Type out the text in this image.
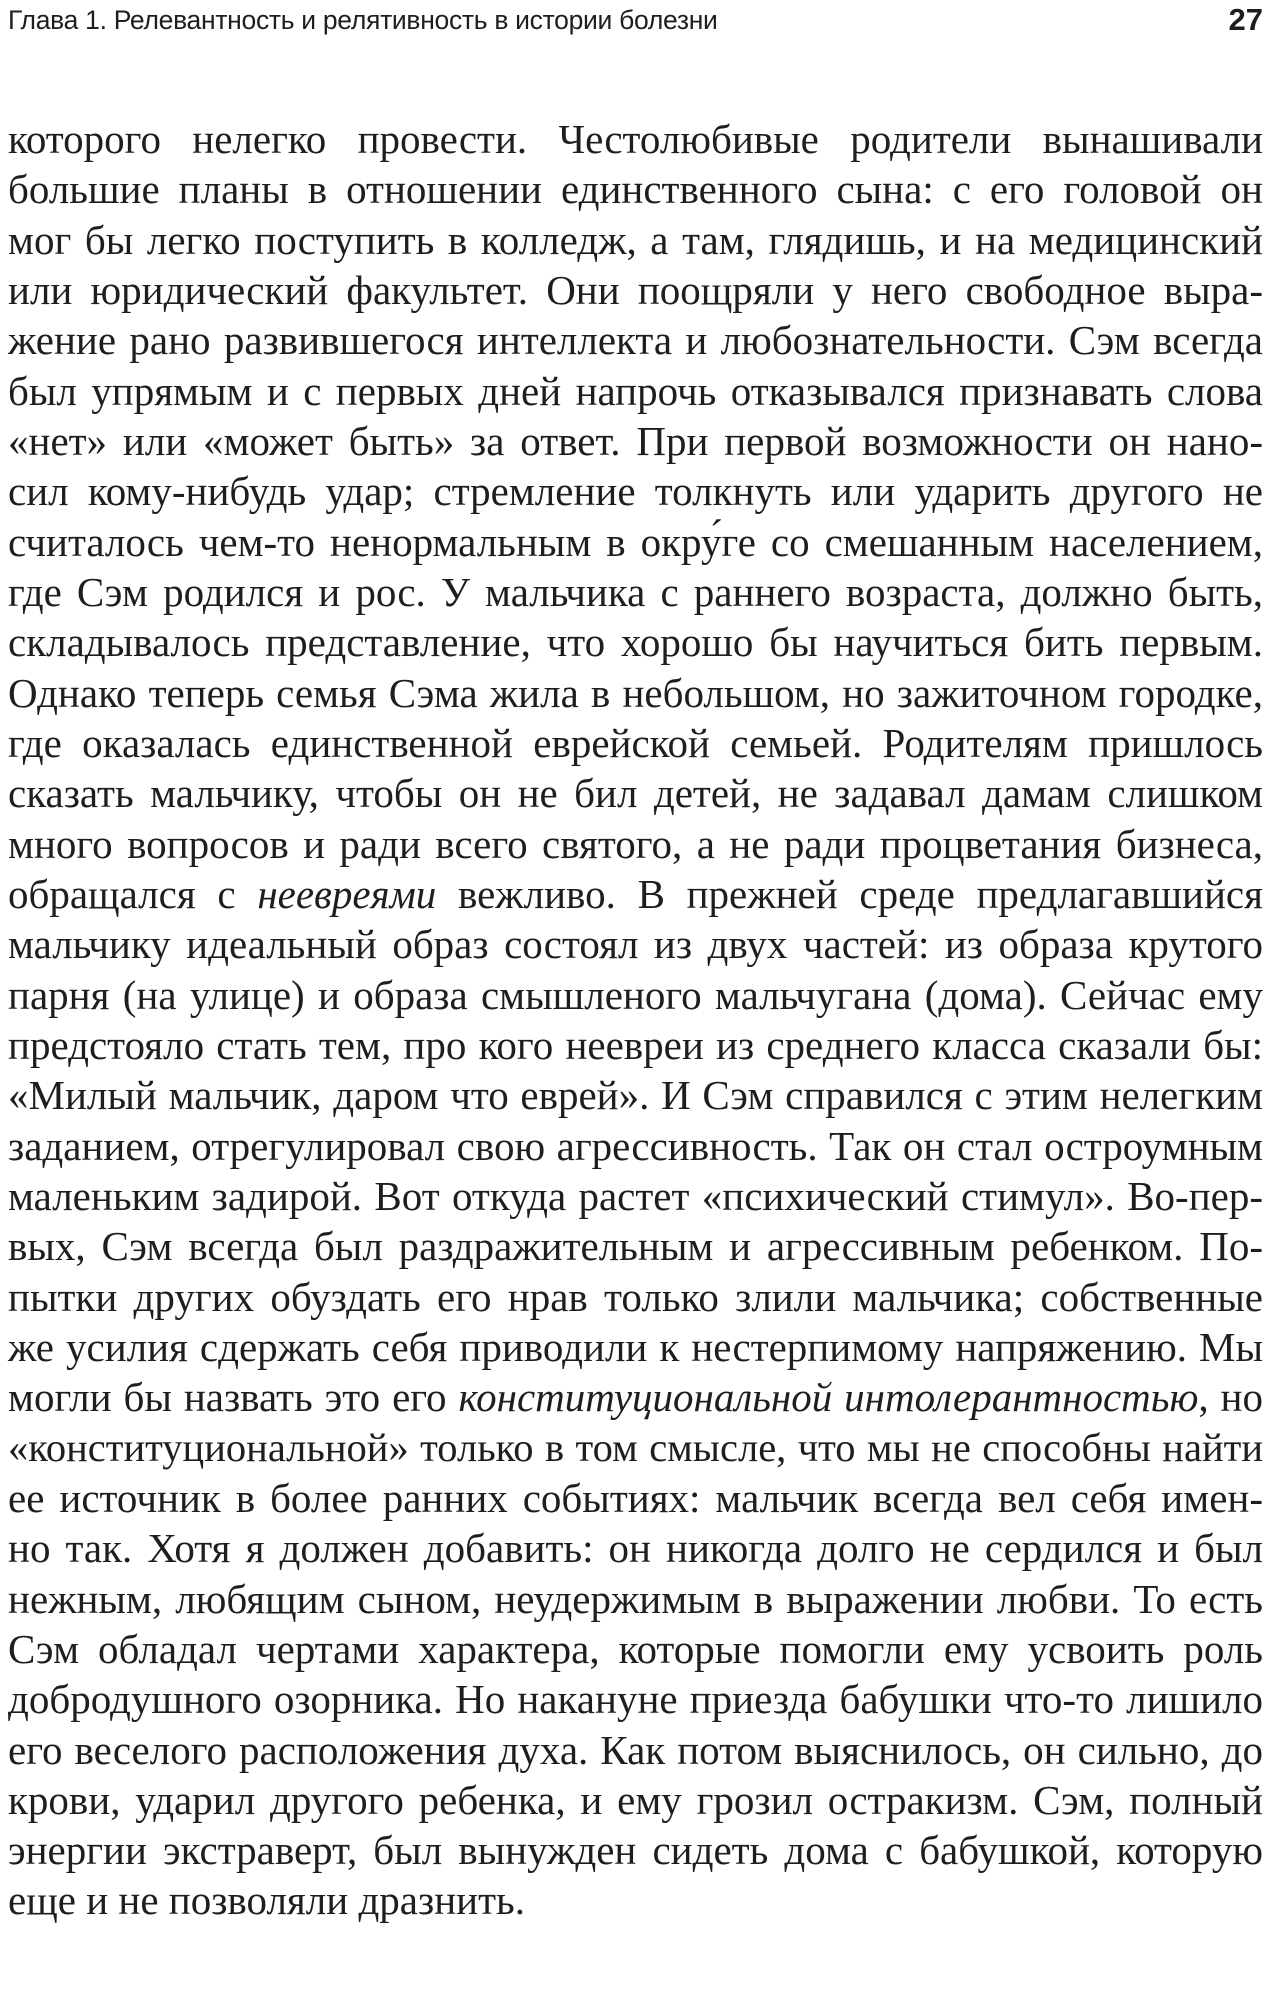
Глава 1. Релевантность и релятивность в истории болезни	27
которого нелегко провести. Честолюбивые родители вынашивали
большие планы в отношении единственного сына: с его головой он
мог бы легко поступить в колледж, а там, глядишь, и на медицинский
или юридический факультет. Они поощряли у него свободное выра-
жение рано развившегося интеллекта и любознательности. Сэм всегда
был упрямым и с первых дней напрочь отказывался признавать слова
«нет» или «может быть» за ответ. При первой возможности он нано-
сил кому-нибудь удар; стремление толкнуть или ударить другого не
считалось чем-то ненормальным в окру́ге со смешанным населением,
где Сэм родился и рос. У мальчика с раннего возраста, должно быть,
складывалось представление, что хорошо бы научиться бить первым.
Однако теперь семья Сэма жила в небольшом, но зажиточном городке,
где оказалась единственной еврейской семьей. Родителям пришлось
сказать мальчику, чтобы он не бил детей, не задавал дамам слишком
много вопросов и ради всего святого, а не ради процветания бизнеса,
обращался с неевреями вежливо. В прежней среде предлагавшийся
мальчику идеальный образ состоял из двух частей: из образа крутого
парня (на улице) и образа смышленого мальчугана (дома). Сейчас ему
предстояло стать тем, про кого неевреи из среднего класса сказали бы:
«Милый мальчик, даром что еврей». И Сэм справился с этим нелегким
заданием, отрегулировал свою агрессивность. Так он стал остроумным
маленьким задирой. Вот откуда растет «психический стимул». Во-пер-
вых, Сэм всегда был раздражительным и агрессивным ребенком. По-
пытки других обуздать его нрав только злили мальчика; собственные
же усилия сдержать себя приводили к нестерпимому напряжению. Мы
могли бы назвать это его конституциональной интолерантностью, но
«конституциональной» только в том смысле, что мы не способны найти
ее источник в более ранних событиях: мальчик всегда вел себя имен-
но так. Хотя я должен добавить: он никогда долго не сердился и был
нежным, любящим сыном, неудержимым в выражении любви. То есть
Сэм обладал чертами характера, которые помогли ему усвоить роль
добродушного озорника. Но накануне приезда бабушки что-то лишило
его веселого расположения духа. Как потом выяснилось, он сильно, до
крови, ударил другого ребенка, и ему грозил остракизм. Сэм, полный
энергии экстраверт, был вынужден сидеть дома с бабушкой, которую
еще и не позволяли дразнить.
